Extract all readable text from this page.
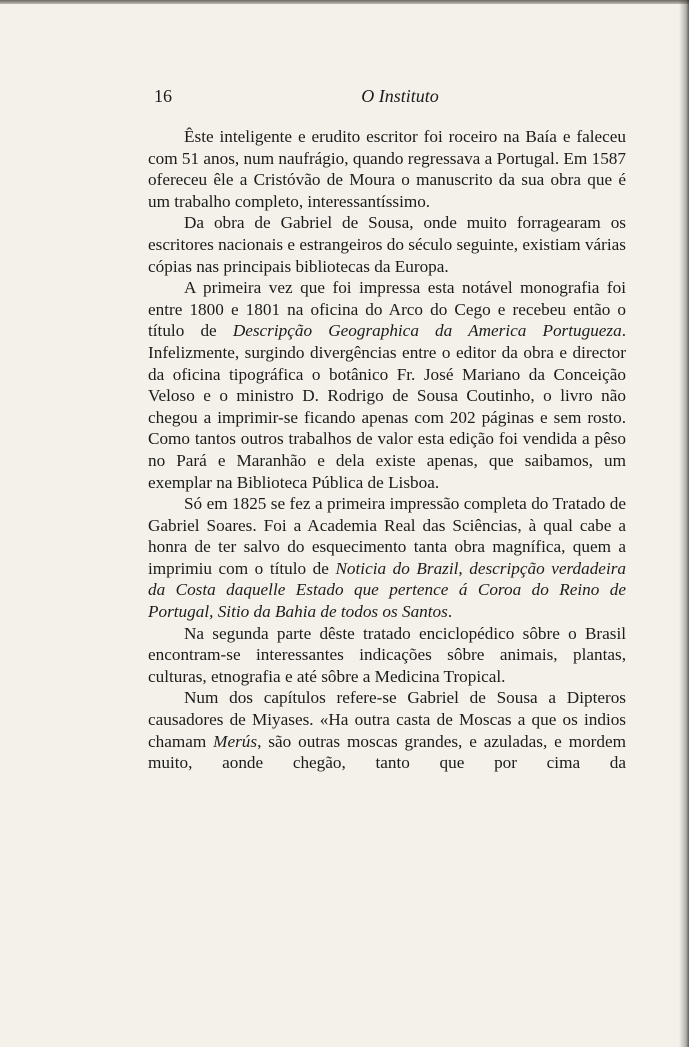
16	O Instituto

Êste inteligente e erudito escritor foi roceiro na Baía e faleceu com 51 anos, num naufrágio, quando regressava a Portugal. Em 1587 ofereceu êle a Cristóvão de Moura o manuscrito da sua obra que é um trabalho completo, interessantíssimo.

Da obra de Gabriel de Sousa, onde muito forragearam os escritores nacionais e estrangeiros do século seguinte, existiam várias cópias nas principais bibliotecas da Europa.

A primeira vez que foi impressa esta notável monografia foi entre 1800 e 1801 na oficina do Arco do Cego e recebeu então o título de Descripção Geographica da America Portugueza. Infelizmente, surgindo divergências entre o editor da obra e director da oficina tipográfica o botânico Fr. José Mariano da Conceição Veloso e o ministro D. Rodrigo de Sousa Coutinho, o livro não chegou a imprimir-se ficando apenas com 202 páginas e sem rosto. Como tantos outros trabalhos de valor esta edição foi vendida a pêso no Pará e Maranhão e dela existe apenas, que saibamos, um exemplar na Biblioteca Pública de Lisboa.

Só em 1825 se fez a primeira impressão completa do Tratado de Gabriel Soares. Foi a Academia Real das Sciências, à qual cabe a honra de ter salvo do esquecimento tanta obra magnífica, quem a imprimiu com o título de Noticia do Brazil, descripção verdadeira da Costa daquelle Estado que pertence á Coroa do Reino de Portugal, Sitio da Bahia de todos os Santos.

Na segunda parte dêste tratado enciclopédico sôbre o Brasil encontram-se interessantes indicações sôbre animais, plantas, culturas, etnografia e até sôbre a Medicina Tropical.

Num dos capítulos refere-se Gabriel de Sousa a Dipteros causadores de Miyases. «Ha outra casta de Moscas a que os indios chamam Merús, são outras moscas grandes, e azuladas, e mordem muito, aonde chegão, tanto que por cima da
